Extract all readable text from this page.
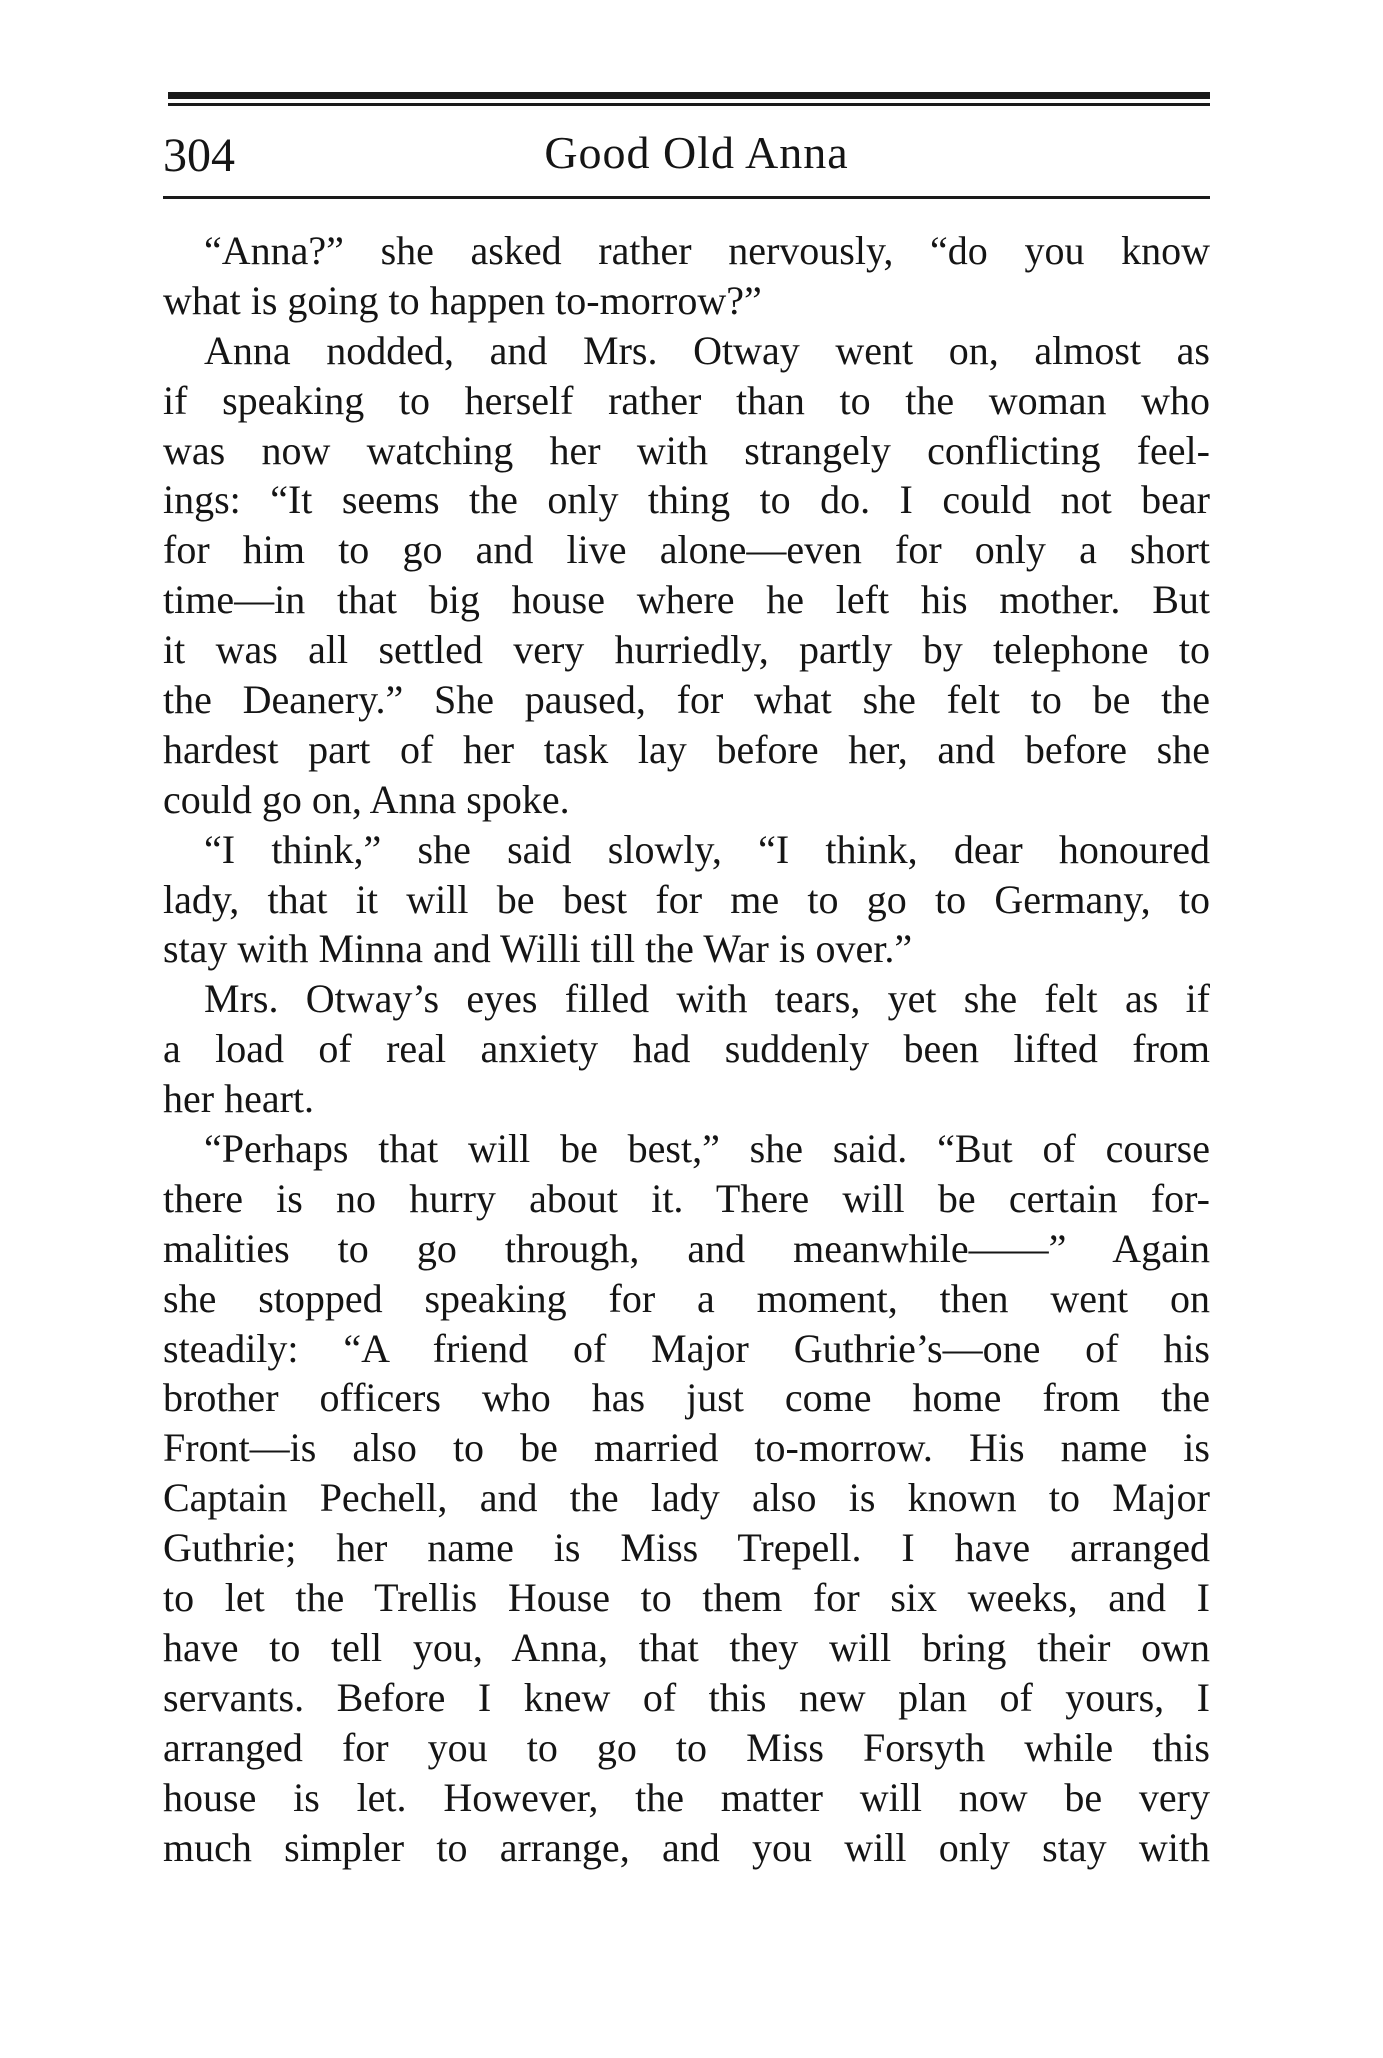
304	Good Old Anna
“Anna?” she asked rather nervously, “do you know
what is going to happen to-morrow?”
Anna nodded, and Mrs. Otway went on, almost as
if speaking to herself rather than to the woman who
was now watching her with strangely conflicting feel-
ings: “It seems the only thing to do. I could not bear
for him to go and live alone—even for only a short
time—in that big house where he left his mother. But
it was all settled very hurriedly, partly by telephone to
the Deanery.” She paused, for what she felt to be the
hardest part of her task lay before her, and before she
could go on, Anna spoke.
“I think,” she said slowly, “I think, dear honoured
lady, that it will be best for me to go to Germany, to
stay with Minna and Willi till the War is over.”
Mrs. Otway’s eyes filled with tears, yet she felt as if
a load of real anxiety had suddenly been lifted from
her heart.
“Perhaps that will be best,” she said. “But of course
there is no hurry about it. There will be certain for-
malities to go through, and meanwhile——” Again
she stopped speaking for a moment, then went on
steadily: “A friend of Major Guthrie’s—one of his
brother officers who has just come home from the
Front—is also to be married to-morrow. His name is
Captain Pechell, and the lady also is known to Major
Guthrie; her name is Miss Trepell. I have arranged
to let the Trellis House to them for six weeks, and I
have to tell you, Anna, that they will bring their own
servants. Before I knew of this new plan of yours, I
arranged for you to go to Miss Forsyth while this
house is let. However, the matter will now be very
much simpler to arrange, and you will only stay with
